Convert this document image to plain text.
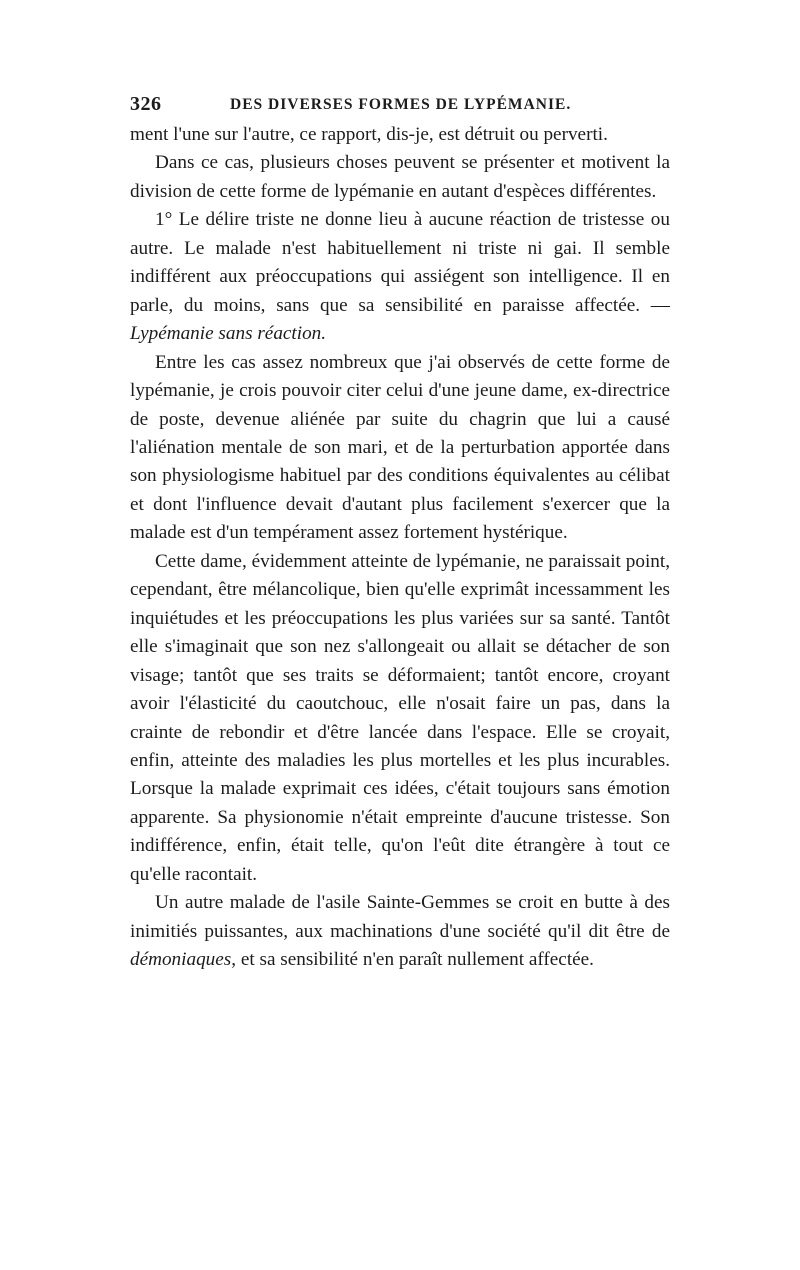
326	DES DIVERSES FORMES DE LYPÉMANIE.

ment l'une sur l'autre, ce rapport, dis-je, est détruit ou perverti.

Dans ce cas, plusieurs choses peuvent se présenter et motivent la division de cette forme de lypémanie en autant d'espèces différentes.

1° Le délire triste ne donne lieu à aucune réaction de tristesse ou autre. Le malade n'est habituellement ni triste ni gai. Il semble indifférent aux préoccupations qui assiégent son intelligence. Il en parle, du moins, sans que sa sensibilité en paraisse affectée. — Lypémanie sans réaction.

Entre les cas assez nombreux que j'ai observés de cette forme de lypémanie, je crois pouvoir citer celui d'une jeune dame, ex-directrice de poste, devenue aliénée par suite du chagrin que lui a causé l'aliénation mentale de son mari, et de la perturbation apportée dans son physiologisme habituel par des conditions équivalentes au célibat et dont l'influence devait d'autant plus facilement s'exercer que la malade est d'un tempérament assez fortement hystérique.

Cette dame, évidemment atteinte de lypémanie, ne paraissait point, cependant, être mélancolique, bien qu'elle exprimât incessamment les inquiétudes et les préoccupations les plus variées sur sa santé. Tantôt elle s'imaginait que son nez s'allongeait ou allait se détacher de son visage; tantôt que ses traits se déformaient; tantôt encore, croyant avoir l'élasticité du caoutchouc, elle n'osait faire un pas, dans la crainte de rebondir et d'être lancée dans l'espace. Elle se croyait, enfin, atteinte des maladies les plus mortelles et les plus incurables. Lorsque la malade exprimait ces idées, c'était toujours sans émotion apparente. Sa physionomie n'était empreinte d'aucune tristesse. Son indifférence, enfin, était telle, qu'on l'eût dite étrangère à tout ce qu'elle racontait.

Un autre malade de l'asile Sainte-Gemmes se croit en butte à des inimitiés puissantes, aux machinations d'une société qu'il dit être de démoniaques, et sa sensibilité n'en paraît nullement affectée.
